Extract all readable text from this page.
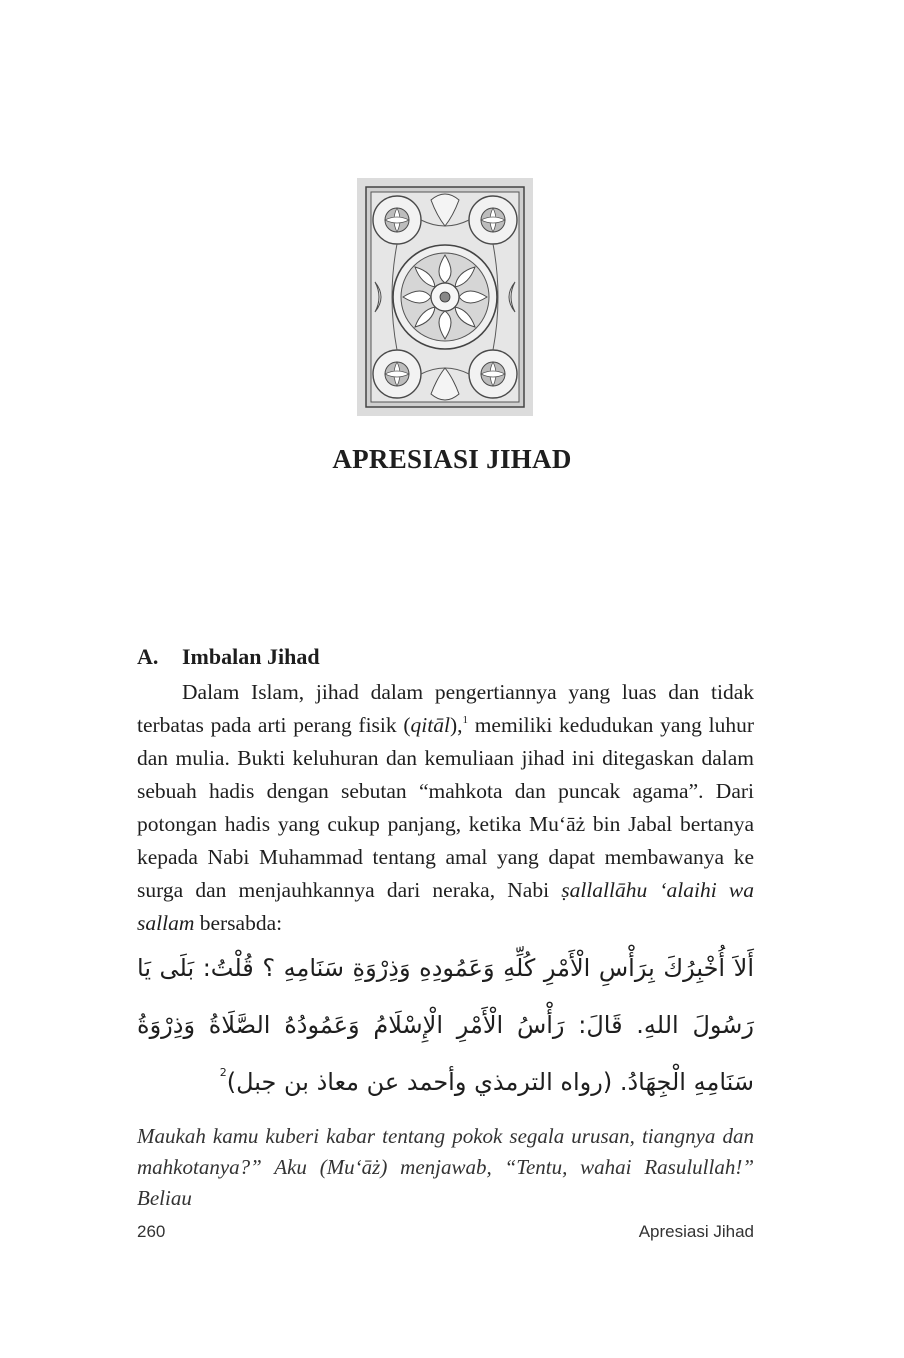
APRESIASI JIHAD
A. Imbalan Jihad

Dalam Islam, jihad dalam pengertiannya yang luas dan tidak terbatas pada arti perang fisik (qitāl),$^1$ memiliki kedudukan yang luhur dan mulia. Bukti keluhuran dan kemuliaan jihad ini ditegaskan dalam sebuah hadis dengan sebutan “mahkota dan puncak agama”. Dari potongan hadis yang cukup panjang, ketika Mu‘āż bin Jabal bertanya kepada Nabi Muhammad tentang amal yang dapat membawanya ke surga dan menjauhkannya dari neraka, Nabi ṣallallāhu ‘alaihi wa sallam bersabda:

أَلاَ أُخْبِرُكَ بِرَأْسِ الْأَمْرِ كُلِّهِ وَعَمُودِهِ وَذِرْوَةِ سَنَامِهِ ؟ قُلْتُ: بَلَى يَا رَسُولَ اللهِ. قَالَ: رَأْسُ الْأَمْرِ الْإِسْلَامُ وَعَمُودُهُ الصَّلَاةُ وَذِرْوَةُ سَنَامِهِ الْجِهَادُ. (رواه الترمذي وأحمد عن معاذ بن جبل)$^2$
Maukah kamu kuberi kabar tentang pokok segala urusan, tiangnya dan mahkotanya?” Aku (Mu‘āż) menjawab, “Tentu, wahai Rasulullah!” Beliau
260	Apresiasi Jihad
